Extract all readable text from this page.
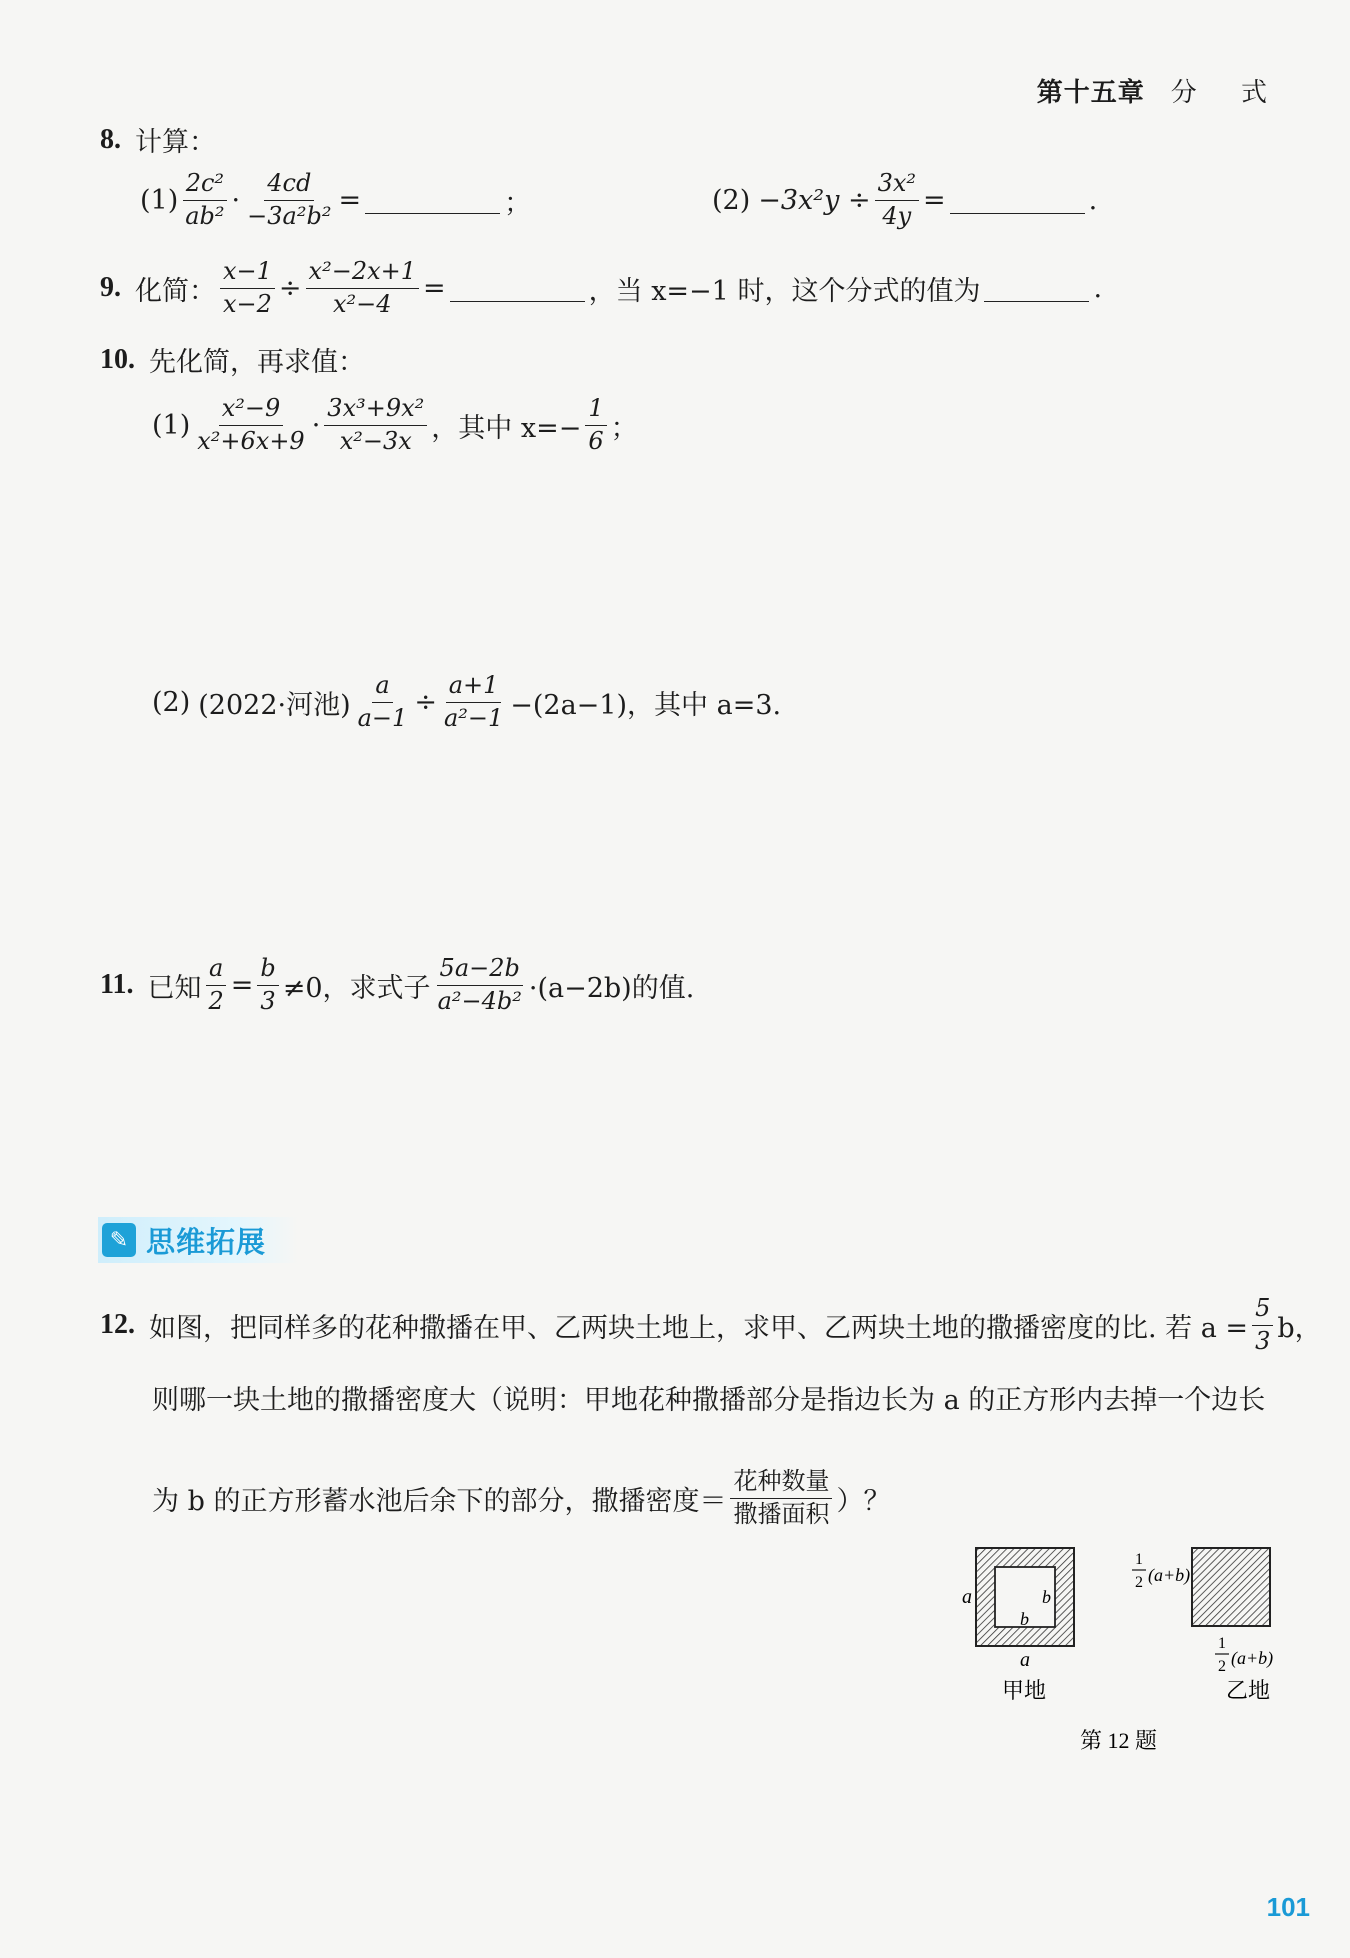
第十五章 分 式
8. 计算：
$(1) \frac{\text{2c²}}{\text{ab²}} \cdot \frac{4cd}{\text{−3a²b²}}$ =	；	$(2) -3x^2y \div \frac{\text{3x²}}{4y}$ =	.
9. 化简： $\frac{x-1}{x-2} \div \frac{\text{x²−2x+1}}{\text{x²−4}}$ =	，当 x=−1 时，这个分式的值为	.
10. 先化简，再求值：
$(1) \frac{\text{x²−9}}{\text{x²+6x+9}} \cdot \frac{\text{3x³+9x²}}{\text{x²−3x}}$ ，其中 $x=- \frac{1}{6}$ ；
(2) (2022·河池) $\frac{a}{a-1} \div \frac{a+1}{\text{a²−1}} -(2a-1)$，其中 a=3.
11. 已知 $\frac{a}{2} = \frac{b}{3} \ne 0$，求式子 $\frac{5a-2b}{\text{a²−4b²}} \cdot(a-2b)$的值.
✎ 思维拓展
12. 如图，把同样多的花种撒播在甲、乙两块土地上，求甲、乙两块土地的撒播密度的比. 若 $a = \frac{5}{3}$ b，
则哪一块土地的撒播密度大（说明：甲地花种撒播部分是指边长为 a 的正方形内去掉一个边长
为 b 的正方形蓄水池后余下的部分，撒播密度＝ $\frac{\text{花种数量}}{\text{撒播面积}}$ ）？
a	b
b
a
甲地
1
2 (a+b)
1
2 (a+b)
乙地
第 12 题
101
